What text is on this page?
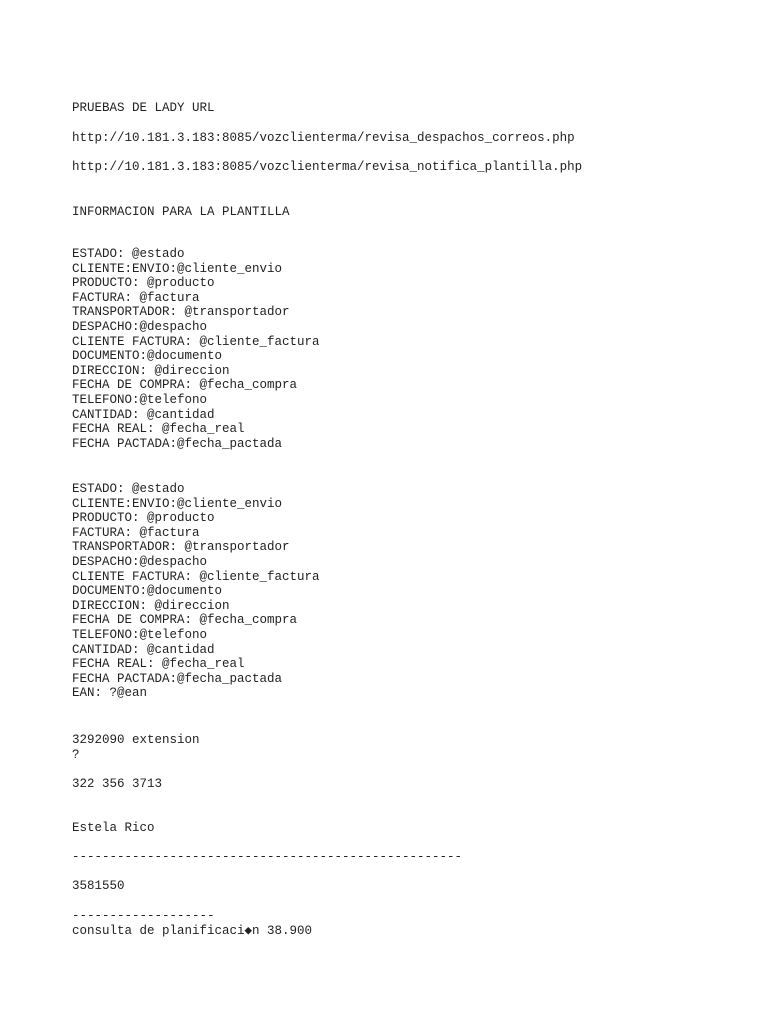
PRUEBAS DE LADY URL
http://10.181.3.183:8085/vozclienterma/revisa_despachos_correos.php
http://10.181.3.183:8085/vozclienterma/revisa_notifica_plantilla.php
INFORMACION PARA LA PLANTILLA
ESTADO: @estado
CLIENTE:ENVIO:@cliente_envio
PRODUCTO: @producto
FACTURA: @factura
TRANSPORTADOR: @transportador
DESPACHO:@despacho
CLIENTE FACTURA: @cliente_factura
DOCUMENTO:@documento
DIRECCION: @direccion
FECHA DE COMPRA: @fecha_compra
TELEFONO:@telefono
CANTIDAD: @cantidad
FECHA REAL: @fecha_real
FECHA PACTADA:@fecha_pactada
ESTADO: @estado
CLIENTE:ENVIO:@cliente_envio
PRODUCTO: @producto
FACTURA: @factura
TRANSPORTADOR: @transportador
DESPACHO:@despacho
CLIENTE FACTURA: @cliente_factura
DOCUMENTO:@documento
DIRECCION: @direccion
FECHA DE COMPRA: @fecha_compra
TELEFONO:@telefono
CANTIDAD: @cantidad
FECHA REAL: @fecha_real
FECHA PACTADA:@fecha_pactada
EAN: ?@ean
3292090 extension
?
322 356 3713
Estela Rico
----------------------------------------------------
3581550
-------------------
consulta de planificaci◆n 38.900
